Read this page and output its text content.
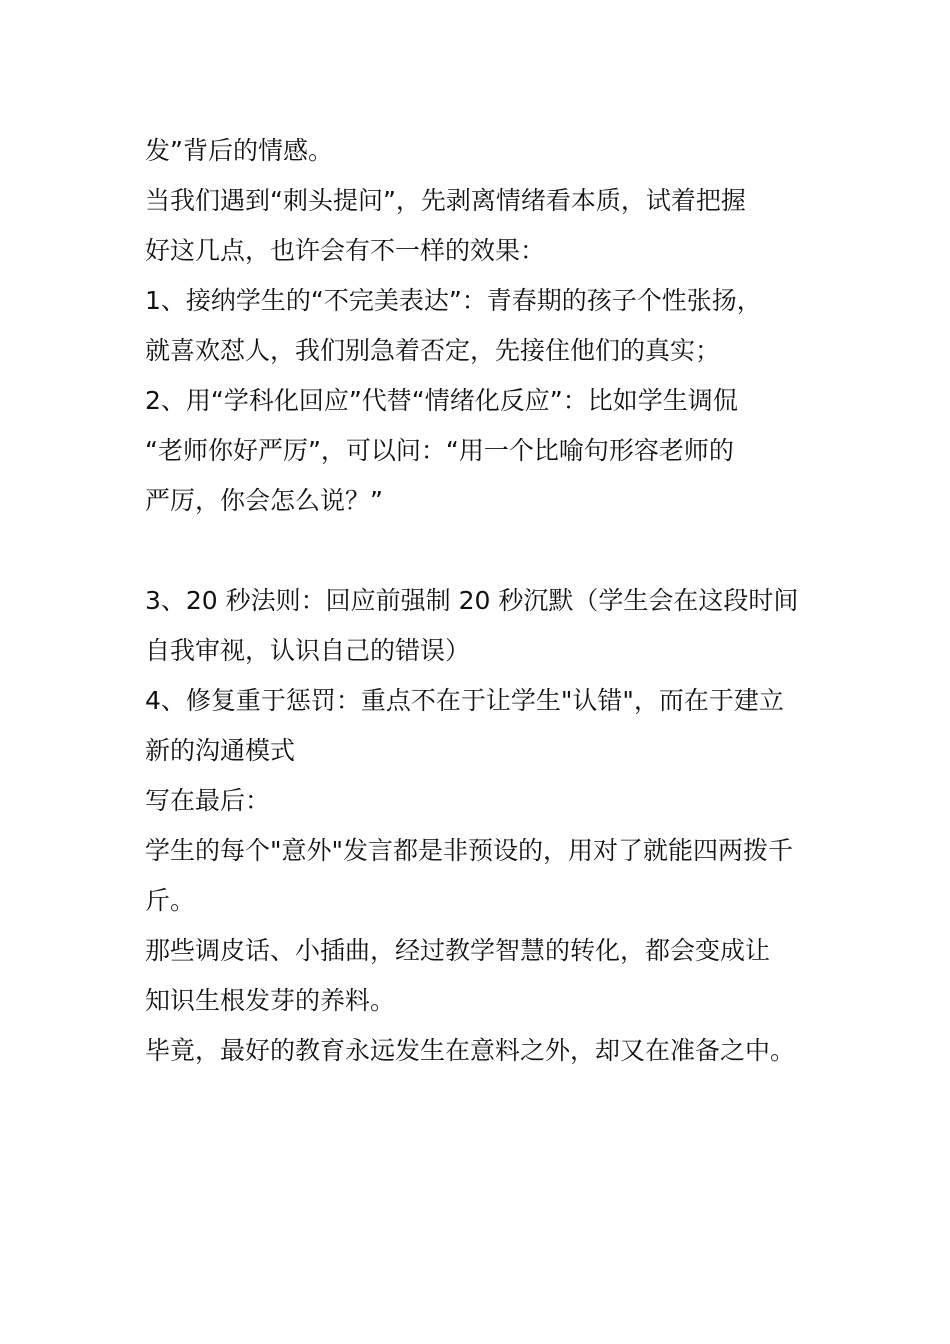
发”背后的情感。
当我们遇到“刺头提问”，先剥离情绪看本质，试着把握
好这几点，也许会有不一样的效果：
1、接纳学生的“不完美表达”：青春期的孩子个性张扬，
就喜欢怼人，我们别急着否定，先接住他们的真实；
2、用“学科化回应”代替“情绪化反应”：比如学生调侃
“老师你好严厉”，可以问：“用一个比喻句形容老师的
严厉，你会怎么说？”
3、20 秒法则：回应前强制 20 秒沉默（学生会在这段时间
自我审视，认识自己的错误）
4、修复重于惩罚：重点不在于让学生"认错"，而在于建立
新的沟通模式
写在最后：
学生的每个"意外"发言都是非预设的，用对了就能四两拨千
斤。
那些调皮话、小插曲，经过教学智慧的转化，都会变成让
知识生根发芽的养料。
毕竟，最好的教育永远发生在意料之外，却又在准备之中。
